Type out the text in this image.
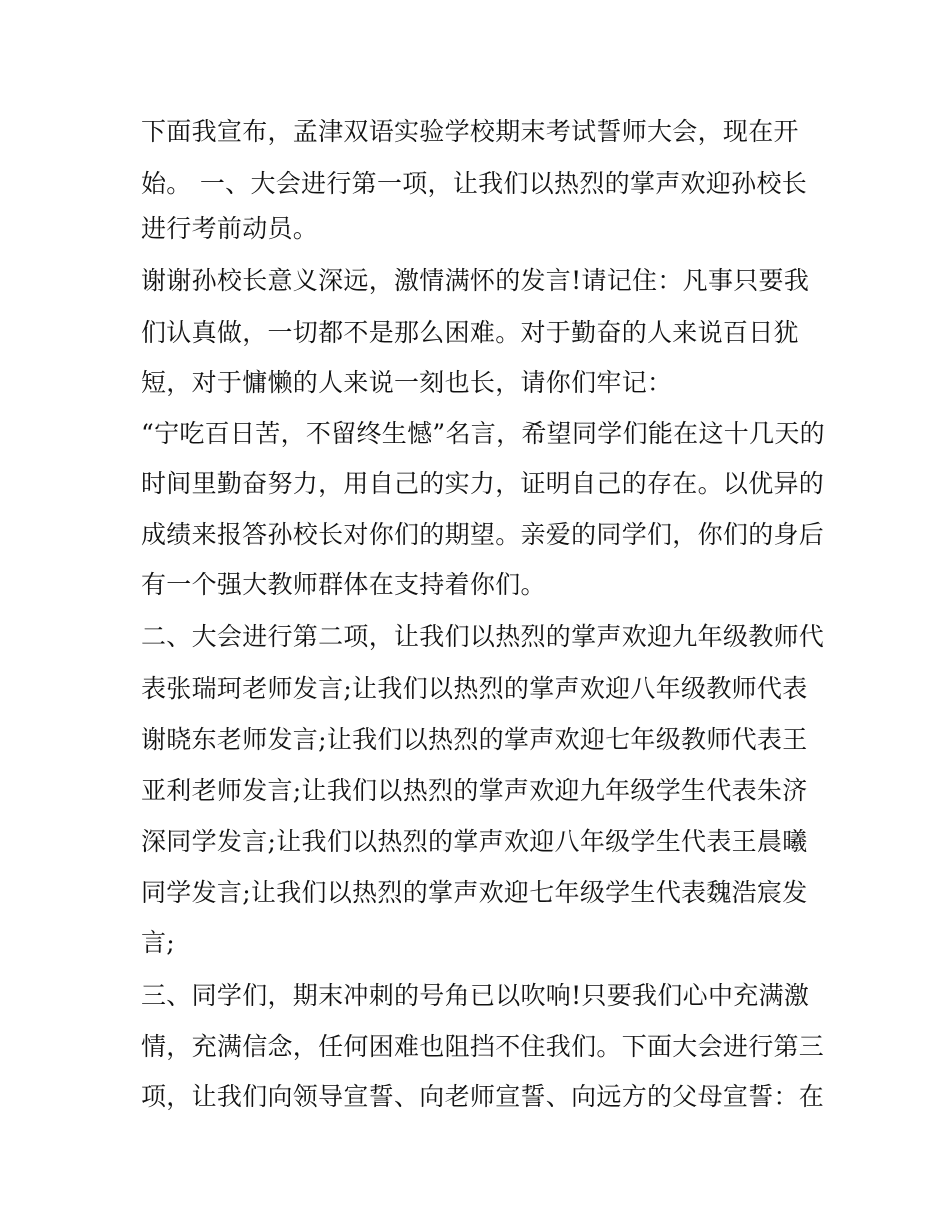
下面我宣布，孟津双语实验学校期末考试誓师大会，现在开
始。 一、大会进行第一项，让我们以热烈的掌声欢迎孙校长
进行考前动员。
谢谢孙校长意义深远，激情满怀的发言!请记住：凡事只要我
们认真做，一切都不是那么困难。对于勤奋的人来说百日犹
短，对于慵懒的人来说一刻也长，请你们牢记：
“宁吃百日苦，不留终生憾”名言，希望同学们能在这十几天的
时间里勤奋努力，用自己的实力，证明自己的存在。以优异的
成绩来报答孙校长对你们的期望。亲爱的同学们，你们的身后
有一个强大教师群体在支持着你们。
二、大会进行第二项，让我们以热烈的掌声欢迎九年级教师代
表张瑞珂老师发言;让我们以热烈的掌声欢迎八年级教师代表
谢晓东老师发言;让我们以热烈的掌声欢迎七年级教师代表王
亚利老师发言;让我们以热烈的掌声欢迎九年级学生代表朱济
深同学发言;让我们以热烈的掌声欢迎八年级学生代表王晨曦
同学发言;让我们以热烈的掌声欢迎七年级学生代表魏浩宸发
言;
三、同学们，期末冲刺的号角已以吹响!只要我们心中充满激
情，充满信念，任何困难也阻挡不住我们。下面大会进行第三
项，让我们向领导宣誓、向老师宣誓、向远方的父母宣誓：在
